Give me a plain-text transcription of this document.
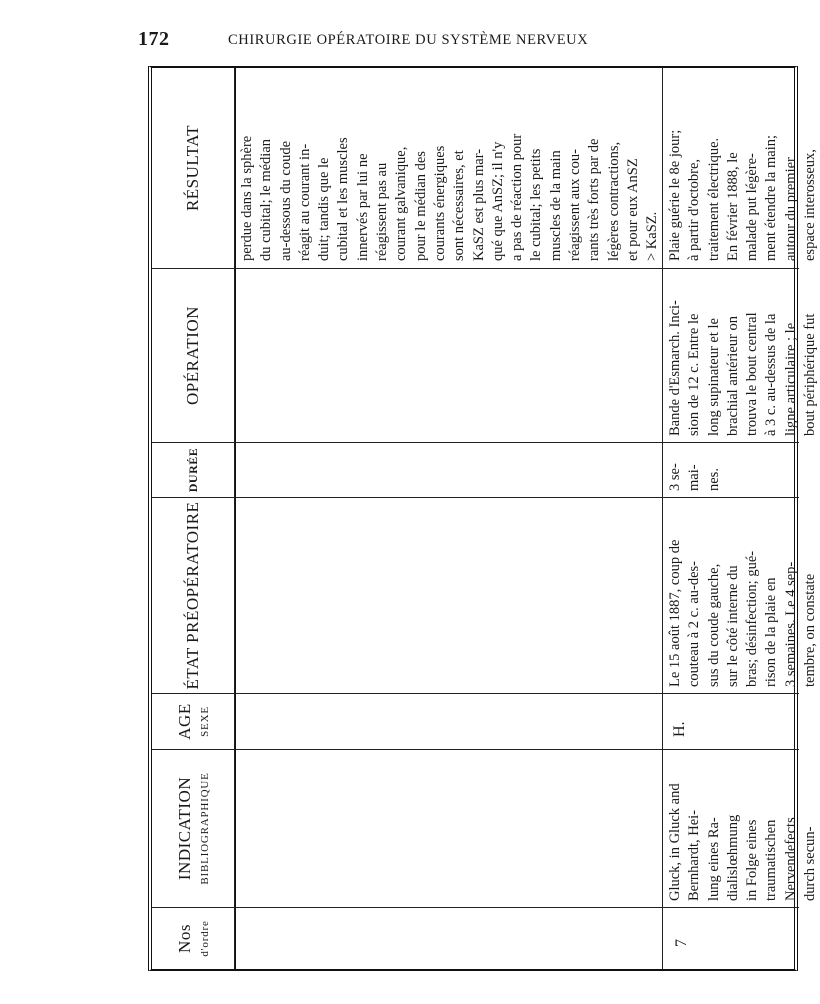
172	CHIRURGIE OPÉRATOIRE DU SYSTÈME NERVEUX
Nos d'ordre
INDICATION BIBLIOGRAPHIQUE
AGE SEXE
ÉTAT PRÉOPÉRATOIRE
DURÉE
OPÉRATION
RÉSULTAT	perdue dans la sphère du cubital; le médian au-dessous du coude réagit au courant in- duit; tandis que le cubital et les muscles innervés par lui ne réagissent pas au courant galvanique, pour le médian des courants énergiques sont nécessaires, et KaSZ est plus mar- qué que AnSZ; il n'y a pas de réaction pour le cubital; les petits muscles de la main réagissent aux cou- rants très forts par de légères contractions, et pour eux AnSZ > KaSZ.
7
Gluck, in Gluck and Bernhardt, Hei- lung eines Ra- dialislœhmung in Folge eines traumatischen Nervendefects durch secun-
H.
Le 15 août 1887, coup de couteau à 2 c. au-des- sus du coude gauche, sur le côté interne du bras; désinfection; gué- rison de la plaie en 3 semaines. Le 4 sep- tembre, on constate
3 se- mai- nes.
Bande d'Esmarch. Inci- sion de 12 c. Entre le long supinateur et le brachial antérieur on trouva le bout central à 3 c. au-dessus de la ligne articulaire ; le bout périphérique fut
Plaie guérie le 8e jour; à partir d'octobre, traitement électrique. En février 1888, le malade put légère- ment étendre la main; autour du premier espace interosseux,
